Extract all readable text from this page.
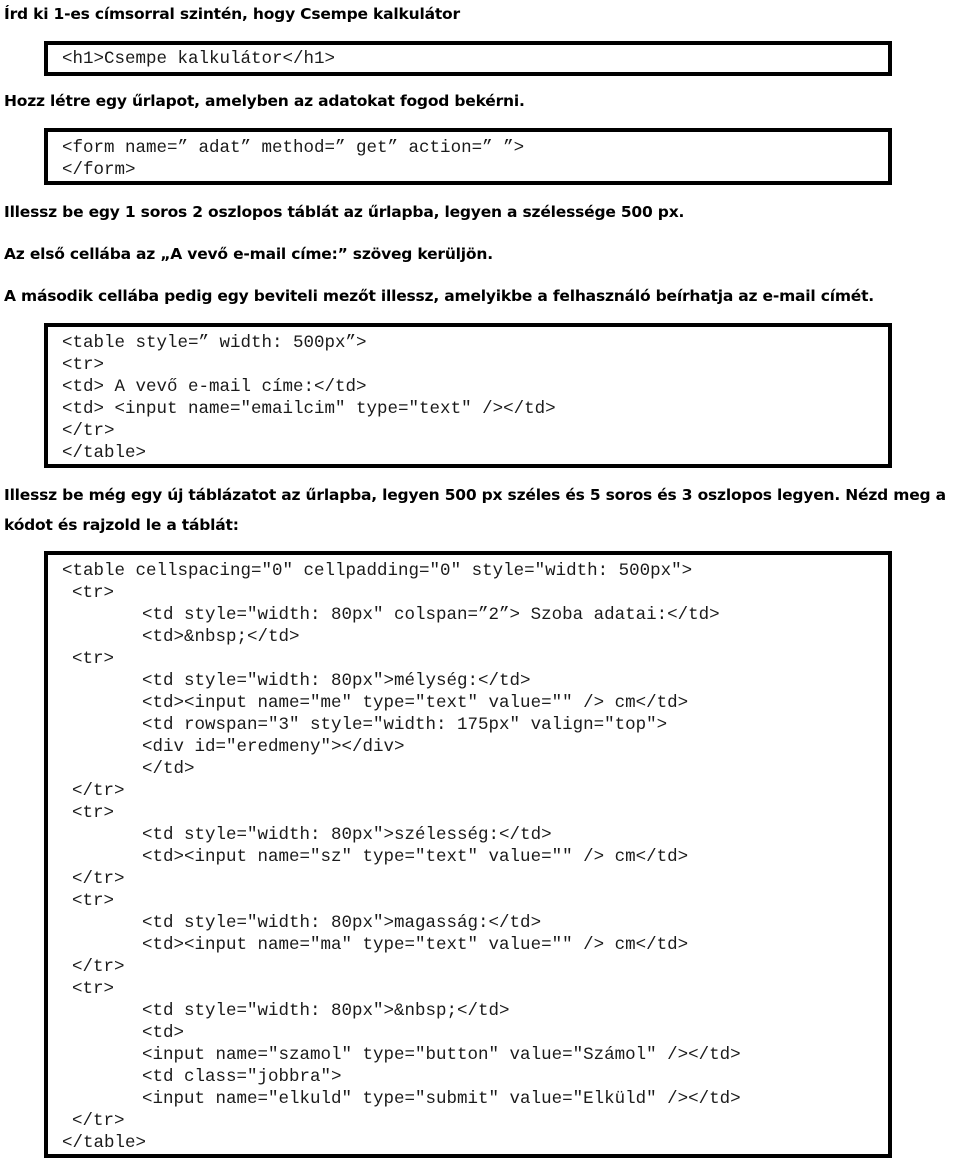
Írd ki 1-es címsorral szintén, hogy Csempe kalkulátor

<h1>Csempe kalkulátor</h1>

Hozz létre egy űrlapot, amelyben az adatokat fogod bekérni.

<form name=” adat” method=” get” action=” ”>
</form>

Illessz be egy 1 soros 2 oszlopos táblát az űrlapba, legyen a szélessége 500 px.

Az első cellába az „A vevő e-mail címe:” szöveg kerüljön.

A második cellába pedig egy beviteli mezőt illessz, amelyikbe a felhasználó beírhatja az e-mail címét.

<table style=” width: 500px”>
<tr>
<td> A vevő e-mail címe:</td>
<td> <input name="emailcim" type="text" /></td>
</tr>
</table>

Illessz be még egy új táblázatot az űrlapba, legyen 500 px széles és 5 soros és 3 oszlopos legyen. Nézd meg a kódot és rajzold le a táblát:

<table cellspacing="0" cellpadding="0" style="width: 500px">
<tr>
<td style="width: 80px" colspan=”2”> Szoba adatai:</td>
<td>&nbsp;</td>
<tr>
<td style="width: 80px">mélység:</td>
<td><input name="me" type="text" value="" /> cm</td>
<td rowspan="3" style="width: 175px" valign="top">
<div id="eredmeny"></div>
</td>
</tr>
<tr>
<td style="width: 80px">szélesség:</td>
<td><input name="sz" type="text" value="" /> cm</td>
</tr>
<tr>
<td style="width: 80px">magasság:</td>
<td><input name="ma" type="text" value="" /> cm</td>
</tr>
<tr>
<td style="width: 80px">&nbsp;</td>
<td>
<input name="szamol" type="button" value="Számol" /></td>
<td class="jobbra">
<input name="elkuld" type="submit" value="Elküld" /></td>
</tr>
</table>
